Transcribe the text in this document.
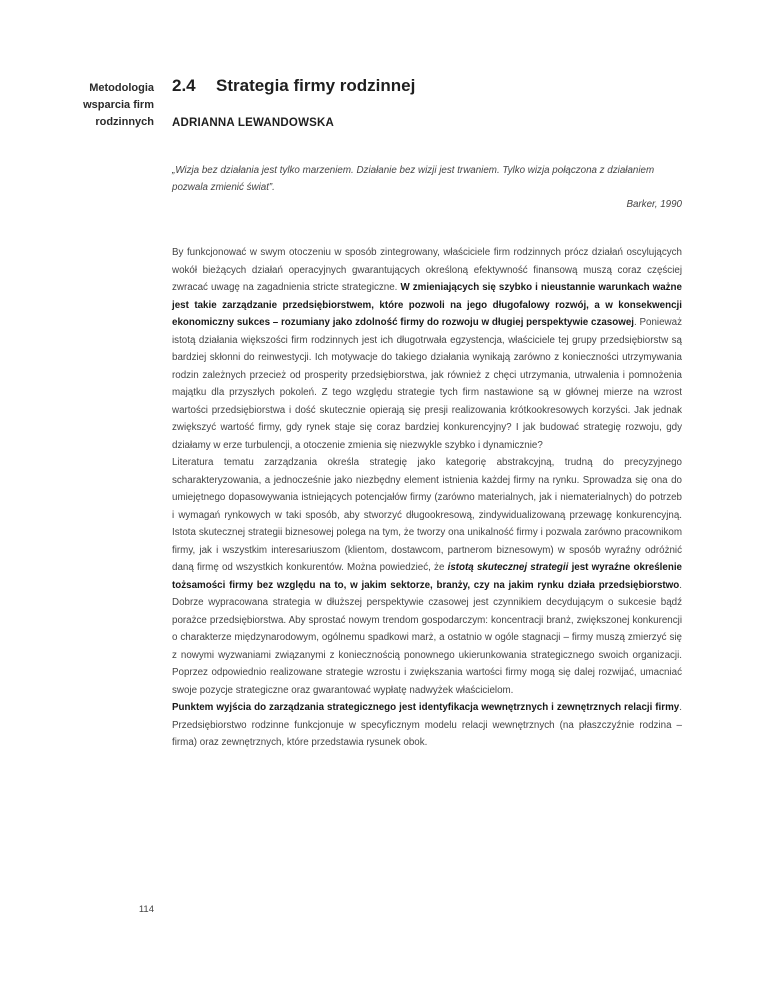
Metodologia
wsparcia firm
rodzinnych
2.4 Strategia firmy rodzinnej
ADRIANNA LEWANDOWSKA
„Wizja bez działania jest tylko marzeniem. Działanie bez wizji jest trwaniem. Tylko wizja połączona z działaniem pozwala zmienić świat”.
Barker, 1990

By funkcjonować w swym otoczeniu w sposób zintegrowany, właściciele firm rodzinnych prócz działań oscylujących wokół bieżących działań operacyjnych gwarantujących określoną efektywność finansową muszą coraz częściej zwracać uwagę na zagadnienia stricte strategiczne. W zmieniających się szybko i nieustannie warunkach ważne jest takie zarządzanie przedsiębiorstwem, które pozwoli na jego długofalowy rozwój, a w konsekwencji ekonomiczny sukces – rozumiany jako zdolność firmy do rozwoju w długiej perspektywie czasowej. Ponieważ istotą działania większości firm rodzinnych jest ich długotrwała egzystencja, właściciele tej grupy przedsiębiorstw są bardziej skłonni do reinwestycji. Ich motywacje do takiego działania wynikają zarówno z konieczności utrzymywania rodzin zależnych przecież od prosperity przedsiębiorstwa, jak również z chęci utrzymania, utrwalenia i pomnożenia majątku dla przyszłych pokoleń. Z tego względu strategie tych firm nastawione są w głównej mierze na wzrost wartości przedsiębiorstwa i dość skutecznie opierają się presji realizowania krótkookresowych korzyści. Jak jednak zwiększyć wartość firmy, gdy rynek staje się coraz bardziej konkurencyjny? I jak budować strategię rozwoju, gdy działamy w erze turbulencji, a otoczenie zmienia się niezwykle szybko i dynamicznie?

Literatura tematu zarządzania określa strategię jako kategorię abstrakcyjną, trudną do precyzyjnego scharakteryzowania, a jednocześnie jako niezbędny element istnienia każdej firmy na rynku. Sprowadza się ona do umiejętnego dopasowywania istniejących potencjałów firmy (zarówno materialnych, jak i niematerialnych) do potrzeb i wymagań rynkowych w taki sposób, aby stworzyć długookresową, zindywidualizowaną przewagę konkurencyjną. Istota skutecznej strategii biznesowej polega na tym, że tworzy ona unikalność firmy i pozwala zarówno pracownikom firmy, jak i wszystkim interesariuszom (klientom, dostawcom, partnerom biznesowym) w sposób wyraźny odróżnić daną firmę od wszystkich konkurentów. Można powiedzieć, że istotą skutecznej strategii jest wyraźne określenie tożsamości firmy bez względu na to, w jakim sektorze, branży, czy na jakim rynku działa przedsiębiorstwo. Dobrze wypracowana strategia w dłuższej perspektywie czasowej jest czynnikiem decydującym o sukcesie bądź porażce przedsiębiorstwa. Aby sprostać nowym trendom gospodarczym: koncentracji branż, zwiększonej konkurencji o charakterze międzynarodowym, ogólnemu spadkowi marż, a ostatnio w ogóle stagnacji – firmy muszą zmierzyć się z nowymi wyzwaniami związanymi z koniecznością ponownego ukierunkowania strategicznego swoich organizacji. Poprzez odpowiednio realizowane strategie wzrostu i zwiększania wartości firmy mogą się dalej rozwijać, umacniać swoje pozycje strategiczne oraz gwarantować wypłatę nadwyżek właścicielom.

Punktem wyjścia do zarządzania strategicznego jest identyfikacja wewnętrznych i zewnętrznych relacji firmy. Przedsiębiorstwo rodzinne funkcjonuje w specyficznym modelu relacji wewnętrznych (na płaszczyźnie rodzina – firma) oraz zewnętrznych, które przedstawia rysunek obok.

114
